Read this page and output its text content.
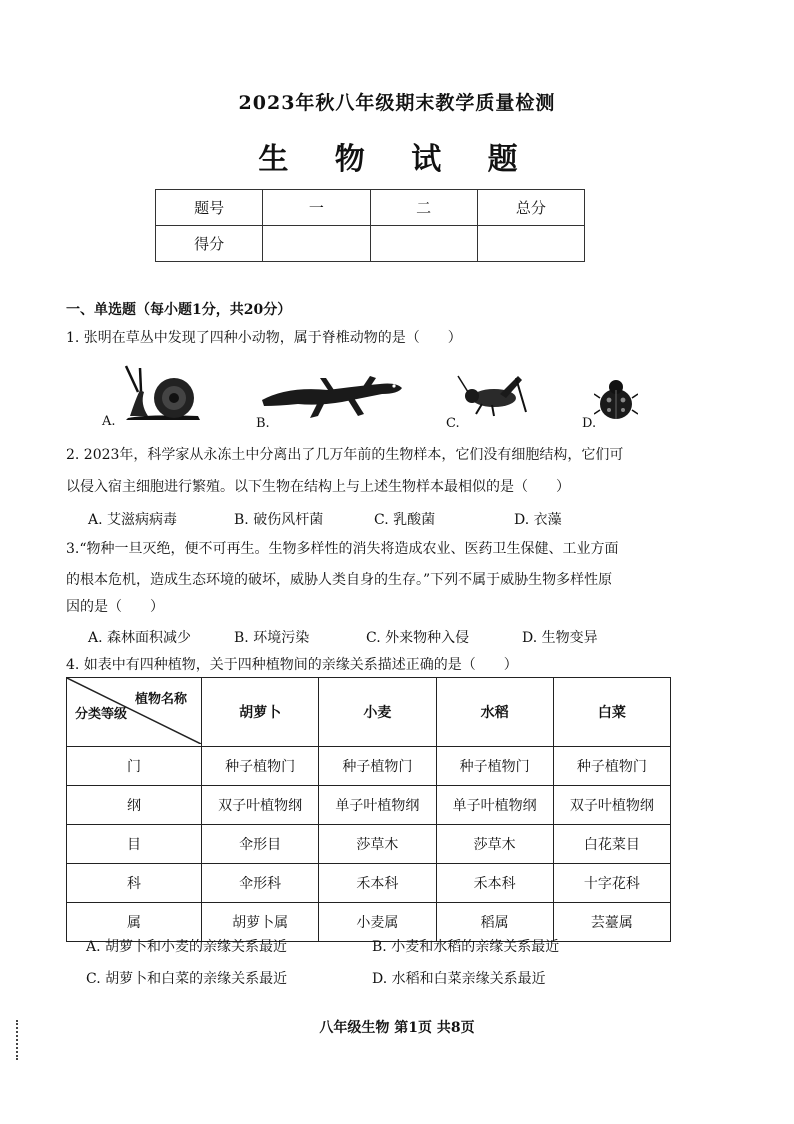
2023年秋八年级期末教学质量检测
生 物 试 题
题号	一	二	总分
得分			
一、单选题（每小题1分，共20分）
1. 张明在草丛中发现了四种小动物，属于脊椎动物的是（　　）
A.	B.	C.	D.
2. 2023年，科学家从永冻土中分离出了几万年前的生物样本，它们没有细胞结构，它们可
以侵入宿主细胞进行繁殖。以下生物在结构上与上述生物样本最相似的是（　　）
A. 艾滋病病毒	B. 破伤风杆菌	C. 乳酸菌	D. 衣藻
3.“物种一旦灭绝，便不可再生。生物多样性的消失将造成农业、医药卫生保健、工业方面
的根本危机，造成生态环境的破坏，威胁人类自身的生存。”下列不属于威胁生物多样性原
因的是（　　）
A. 森林面积减少	B. 环境污染	C. 外来物种入侵	D. 生物变异
4. 如表中有四种植物，关于四种植物间的亲缘关系描述正确的是（　　）
植物名称
分类等级	胡萝卜	小麦	水稻	白菜
门	种子植物门	种子植物门	种子植物门	种子植物门
纲	双子叶植物纲	单子叶植物纲	单子叶植物纲	双子叶植物纲
目	伞形目	莎草木	莎草木	白花菜目
科	伞形科	禾本科	禾本科	十字花科
属	胡萝卜属	小麦属	稻属	芸薹属
A. 胡萝卜和小麦的亲缘关系最近	B. 小麦和水稻的亲缘关系最近
C. 胡萝卜和白菜的亲缘关系最近	D. 水稻和白菜亲缘关系最近
八年级生物 第1页 共8页
